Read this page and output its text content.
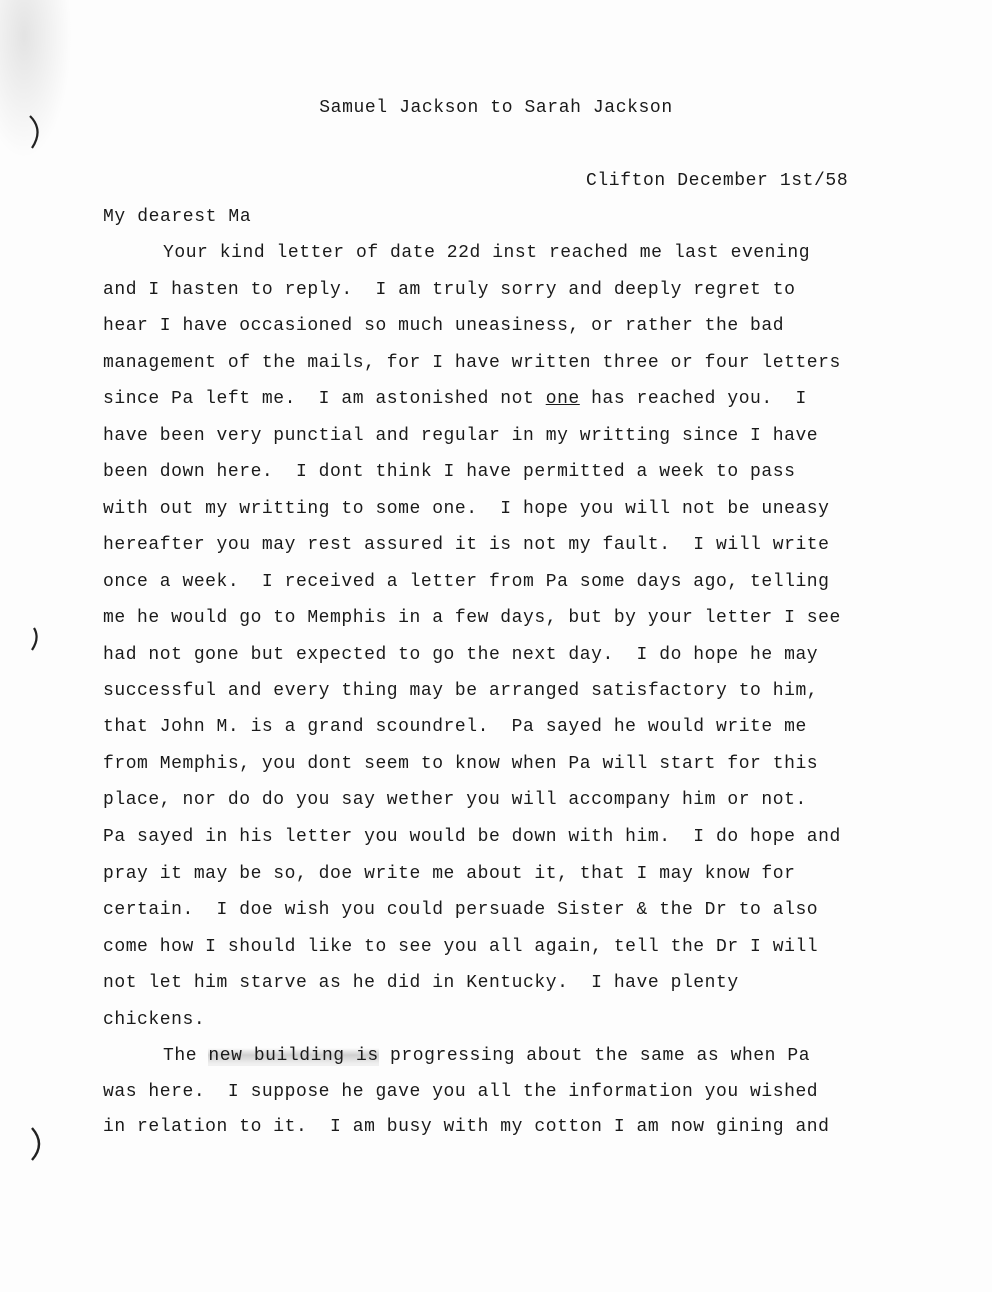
Samuel Jackson to Sarah Jackson
Clifton December 1st/58
My dearest Ma
Your kind letter of date 22d inst reached me last evening
and I hasten to reply.  I am truly sorry and deeply regret to
hear I have occasioned so much uneasiness, or rather the bad
management of the mails, for I have written three or four letters
since Pa left me.  I am astonished not one has reached you.  I
have been very punctial and regular in my writting since I have
been down here.  I dont think I have permitted a week to pass
with out my writting to some one.  I hope you will not be uneasy
hereafter you may rest assured it is not my fault.  I will write
once a week.  I received a letter from Pa some days ago, telling
me he would go to Memphis in a few days, but by your letter I see
had not gone but expected to go the next day.  I do hope he may
successful and every thing may be arranged satisfactory to him,
that John M. is a grand scoundrel.  Pa sayed he would write me
from Memphis, you dont seem to know when Pa will start for this
place, nor do do you say wether you will accompany him or not.
Pa sayed in his letter you would be down with him.  I do hope and
pray it may be so, doe write me about it, that I may know for
certain.  I doe wish you could persuade Sister & the Dr to also
come how I should like to see you all again, tell the Dr I will
not let him starve as he did in Kentucky.  I have plenty
chickens.
The new building is progressing about the same as when Pa
was here.  I suppose he gave you all the information you wished
in relation to it.  I am busy with my cotton I am now gining and
